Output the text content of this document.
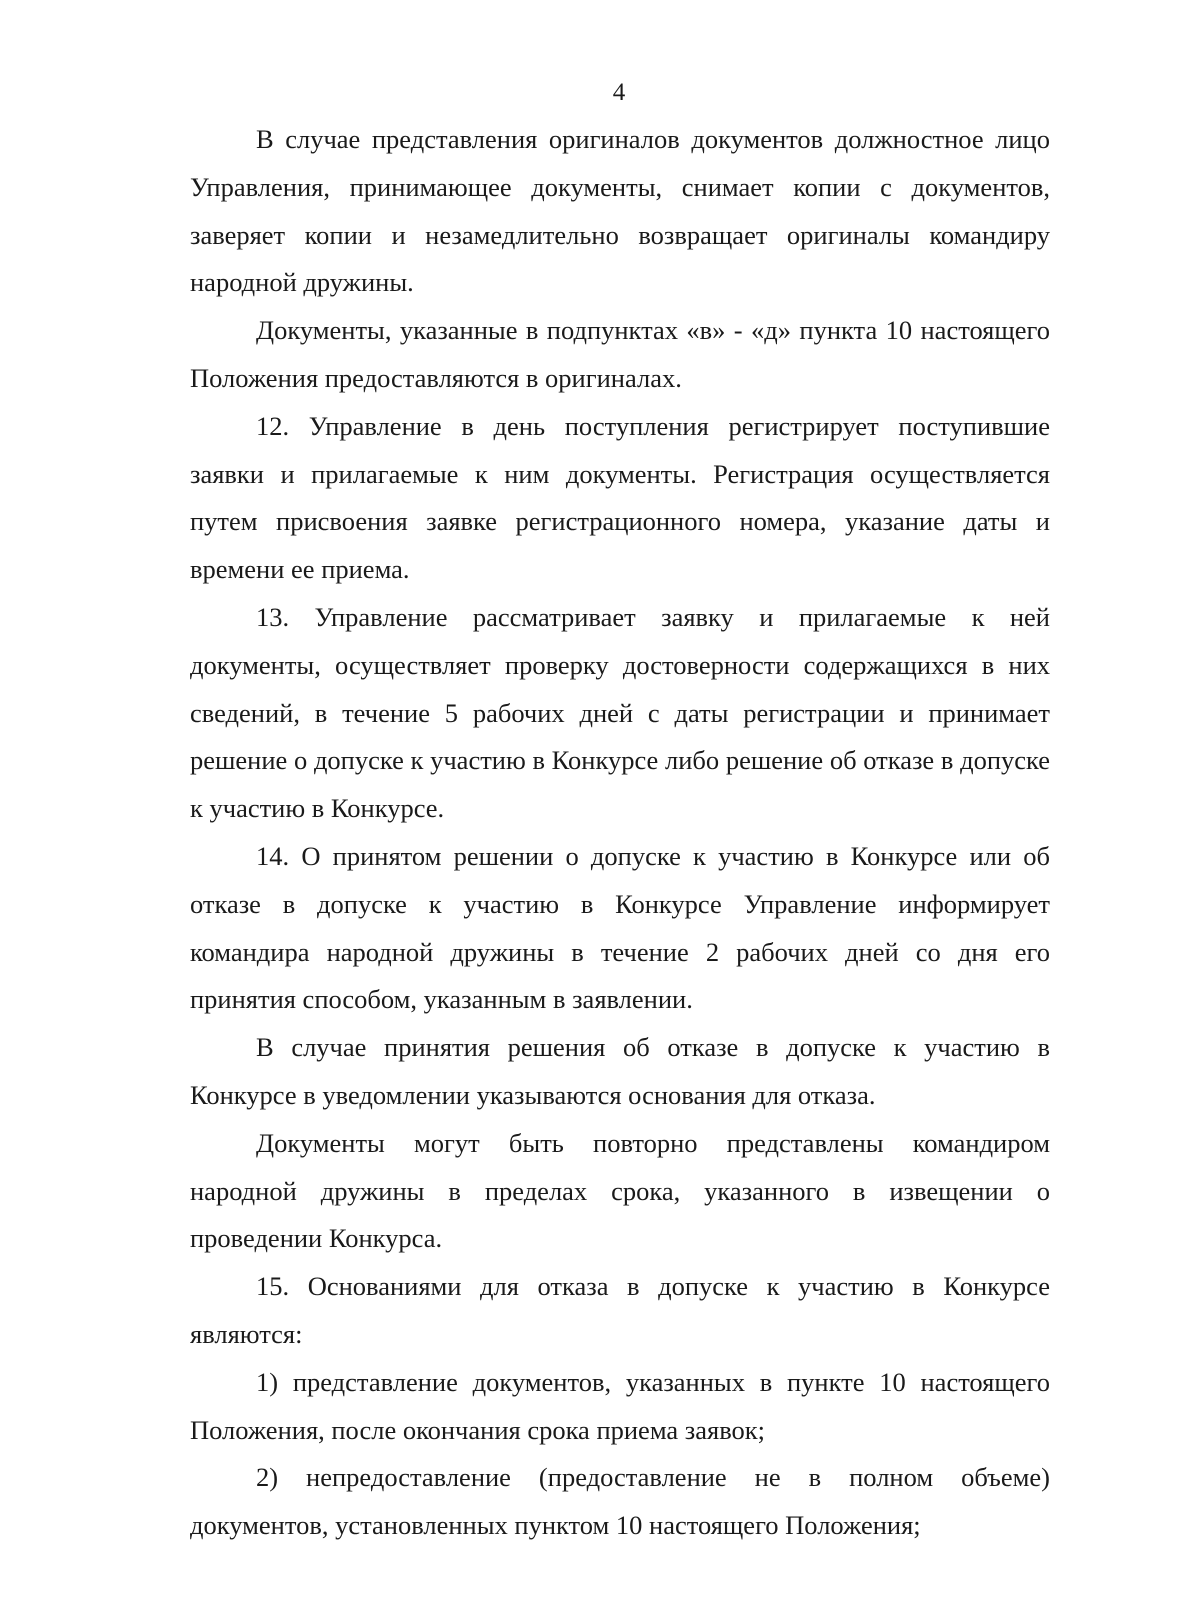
4

В случае представления оригиналов документов должностное лицо Управления, принимающее документы, снимает копии с документов, заверяет копии и незамедлительно возвращает оригиналы командиру народной дружины.

Документы, указанные в подпунктах «в» - «д» пункта 10 настоящего Положения предоставляются в оригиналах.

12. Управление в день поступления регистрирует поступившие заявки и прилагаемые к ним документы. Регистрация осуществляется путем присвоения заявке регистрационного номера, указание даты и времени ее приема.

13. Управление рассматривает заявку и прилагаемые к ней документы, осуществляет проверку достоверности содержащихся в них сведений, в течение 5 рабочих дней с даты регистрации и принимает решение о допуске к участию в Конкурсе либо решение об отказе в допуске к участию в Конкурсе.

14. О принятом решении о допуске к участию в Конкурсе или об отказе в допуске к участию в Конкурсе Управление информирует командира народной дружины в течение 2 рабочих дней со дня его принятия способом, указанным в заявлении.

В случае принятия решения об отказе в допуске к участию в Конкурсе в уведомлении указываются основания для отказа.

Документы могут быть повторно представлены командиром народной дружины в пределах срока, указанного в извещении о проведении Конкурса.

15. Основаниями для отказа в допуске к участию в Конкурсе являются:

1) представление документов, указанных в пункте 10 настоящего Положения, после окончания срока приема заявок;

2) непредоставление (предоставление не в полном объеме) документов, установленных пунктом 10 настоящего Положения;
